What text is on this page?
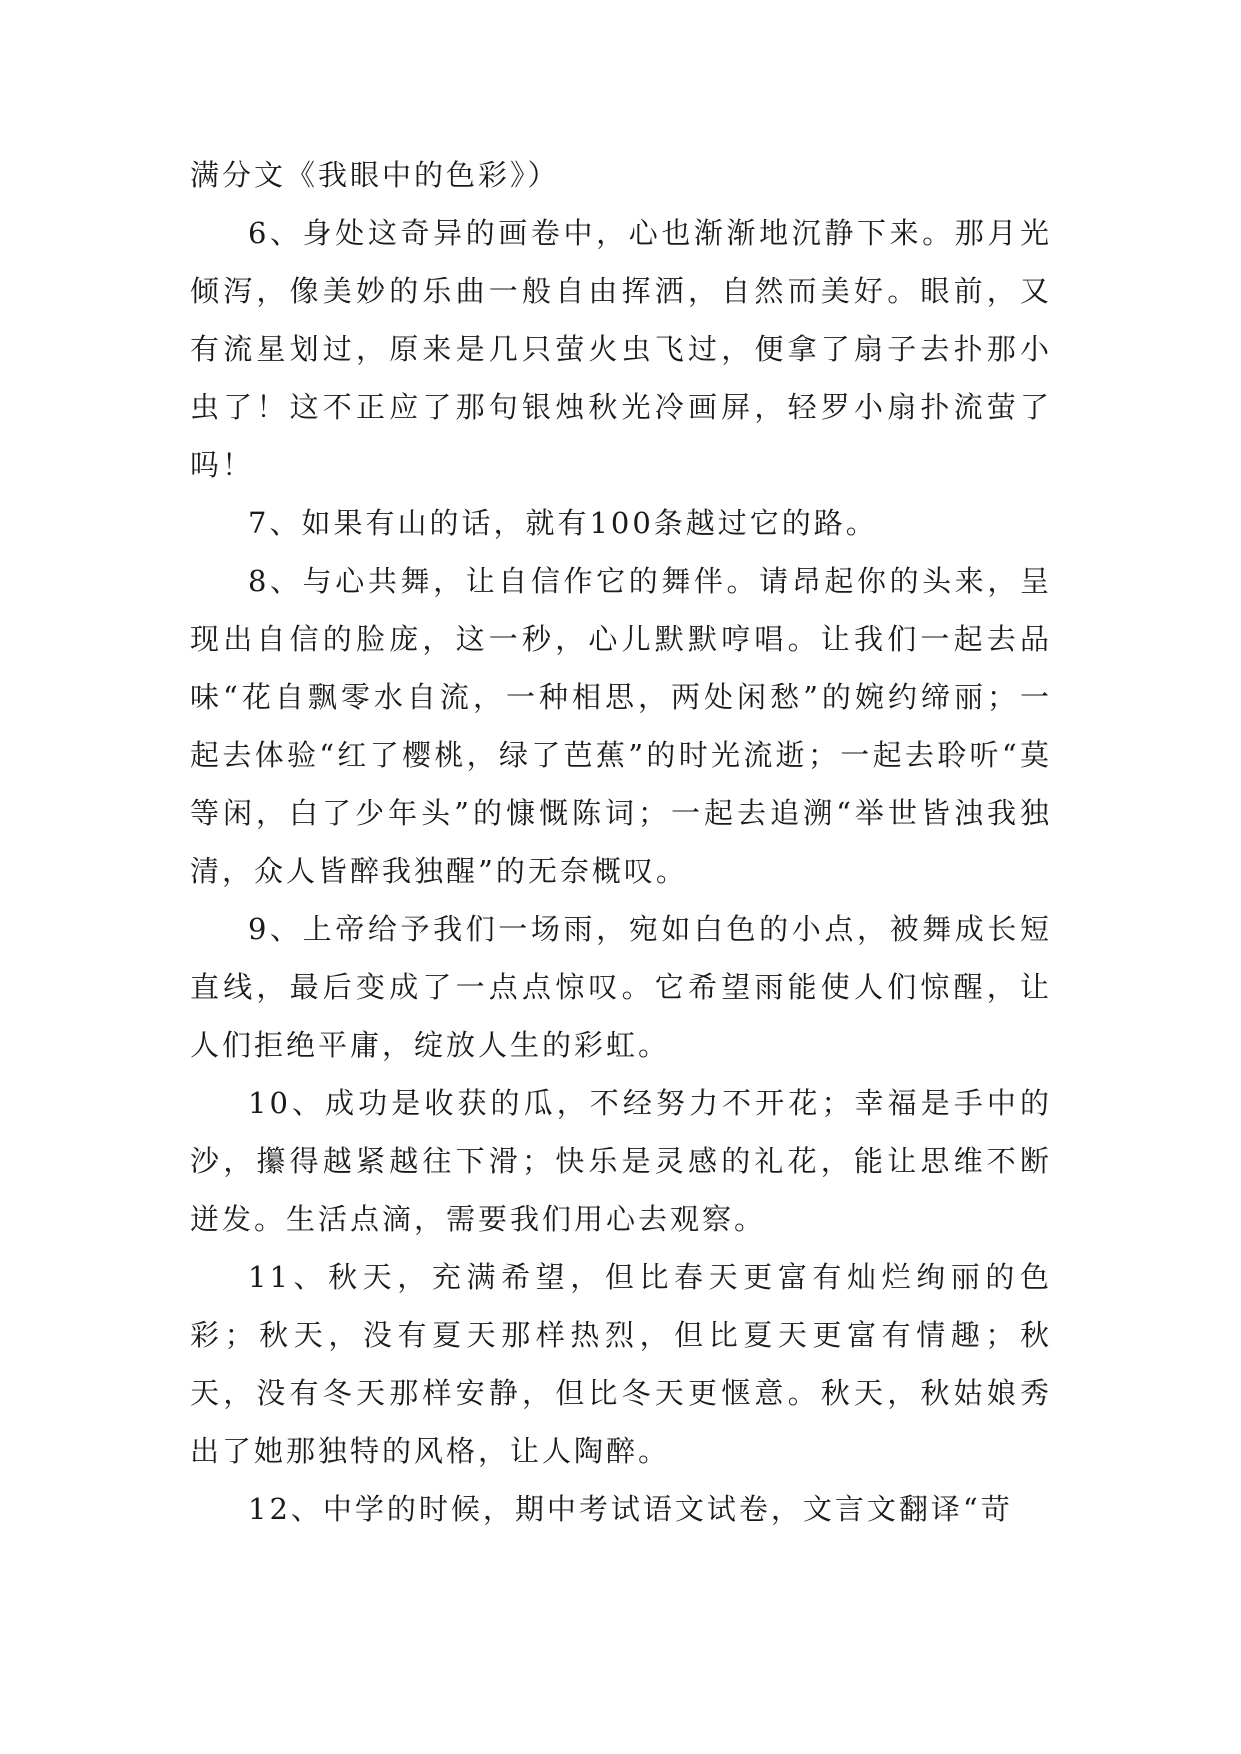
满分文《我眼中的色彩》）

6、身处这奇异的画卷中，心也渐渐地沉静下来。那月光倾泻，像美妙的乐曲一般自由挥洒，自然而美好。眼前，又有流星划过，原来是几只萤火虫飞过，便拿了扇子去扑那小虫了！这不正应了那句银烛秋光冷画屏，轻罗小扇扑流萤了吗！

7、如果有山的话，就有100条越过它的路。

8、与心共舞，让自信作它的舞伴。请昂起你的头来，呈现出自信的脸庞，这一秒，心儿默默哼唱。让我们一起去品味“花自飘零水自流，一种相思，两处闲愁”的婉约缔丽；一起去体验“红了樱桃，绿了芭蕉”的时光流逝；一起去聆听“莫等闲，白了少年头”的慷慨陈词；一起去追溯“举世皆浊我独清，众人皆醉我独醒”的无奈概叹。

9、上帝给予我们一场雨，宛如白色的小点，被舞成长短直线，最后变成了一点点惊叹。它希望雨能使人们惊醒，让人们拒绝平庸，绽放人生的彩虹。

10、成功是收获的瓜，不经努力不开花；幸福是手中的沙，攥得越紧越往下滑；快乐是灵感的礼花，能让思维不断迸发。生活点滴，需要我们用心去观察。

11、秋天，充满希望，但比春天更富有灿烂绚丽的色彩；秋天，没有夏天那样热烈，但比夏天更富有情趣；秋天，没有冬天那样安静，但比冬天更惬意。秋天，秋姑娘秀出了她那独特的风格，让人陶醉。

12、中学的时候，期中考试语文试卷，文言文翻译“苛
